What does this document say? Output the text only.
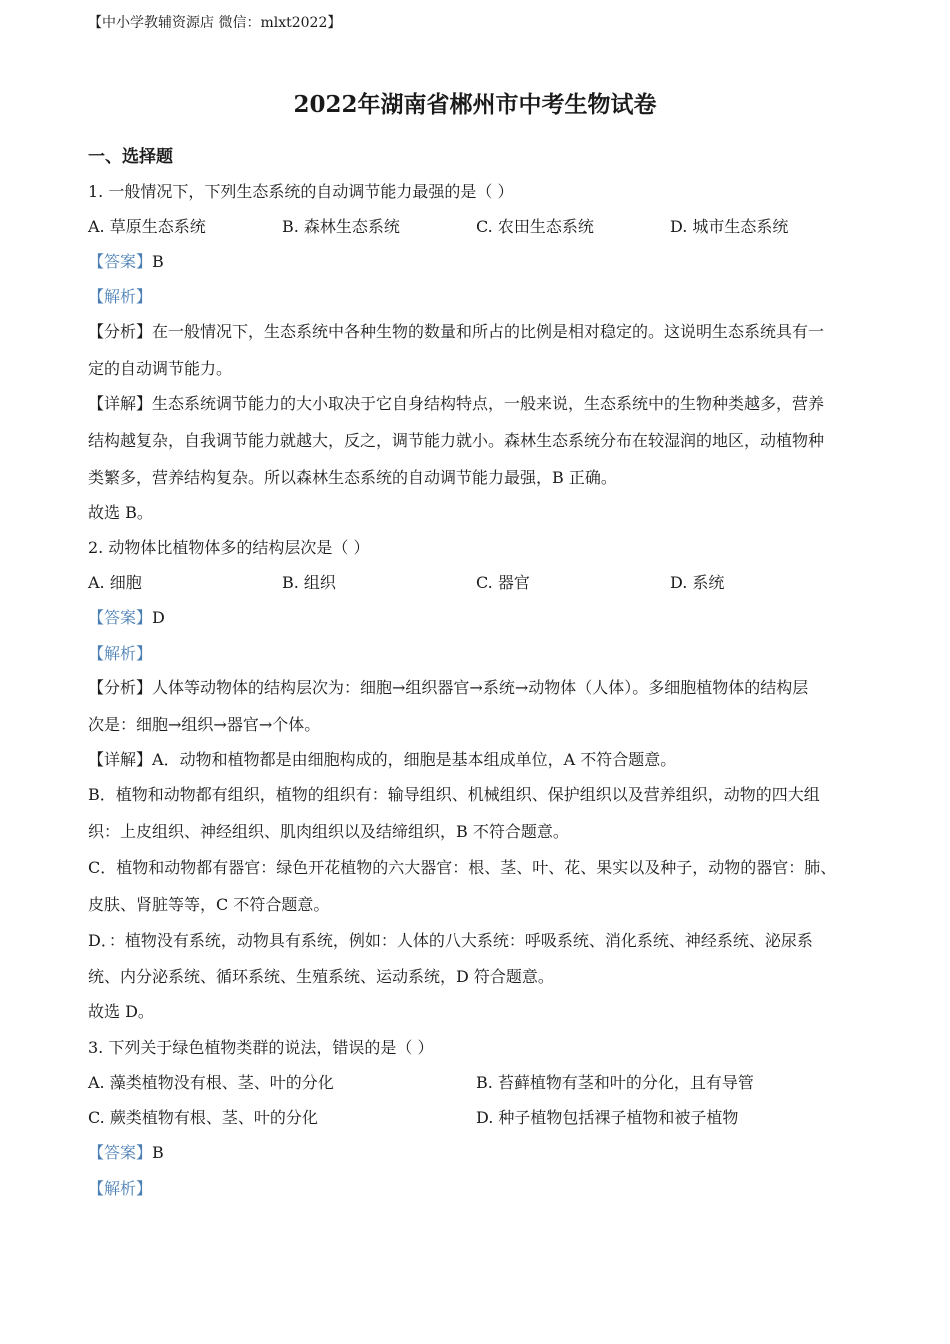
【中小学教辅资源店 微信：mlxt2022】
2022年湖南省郴州市中考生物试卷
一、选择题
1. 一般情况下，下列生态系统的自动调节能力最强的是（ ）
A. 草原生态系统	B. 森林生态系统	C. 农田生态系统	D. 城市生态系统
【答案】B
【解析】
【分析】在一般情况下，生态系统中各种生物的数量和所占的比例是相对稳定的。这说明生态系统具有一
定的自动调节能力。
【详解】生态系统调节能力的大小取决于它自身结构特点，一般来说，生态系统中的生物种类越多，营养
结构越复杂，自我调节能力就越大，反之，调节能力就小。森林生态系统分布在较湿润的地区，动植物种
类繁多，营养结构复杂。所以森林生态系统的自动调节能力最强，B 正确。
故选 B。
2. 动物体比植物体多的结构层次是（ ）
A. 细胞	B. 组织	C. 器官	D. 系统
【答案】D
【解析】
【分析】人体等动物体的结构层次为：细胞→组织器官→系统→动物体（人体）。多细胞植物体的结构层
次是：细胞→组织→器官→个体。
【详解】A．动物和植物都是由细胞构成的，细胞是基本组成单位，A 不符合题意。
B．植物和动物都有组织，植物的组织有：输导组织、机械组织、保护组织以及营养组织，动物的四大组
织：上皮组织、神经组织、肌肉组织以及结缔组织，B 不符合题意。
C．植物和动物都有器官：绿色开花植物的六大器官：根、茎、叶、花、果实以及种子，动物的器官：肺、
皮肤、肾脏等等，C 不符合题意。
D．：植物没有系统，动物具有系统，例如：人体的八大系统：呼吸系统、消化系统、神经系统、泌尿系
统、内分泌系统、循环系统、生殖系统、运动系统，D 符合题意。
故选 D。
3. 下列关于绿色植物类群的说法，错误的是（ ）
A. 藻类植物没有根、茎、叶的分化	B. 苔藓植物有茎和叶的分化，且有导管
C. 蕨类植物有根、茎、叶的分化	D. 种子植物包括裸子植物和被子植物
【答案】B
【解析】
